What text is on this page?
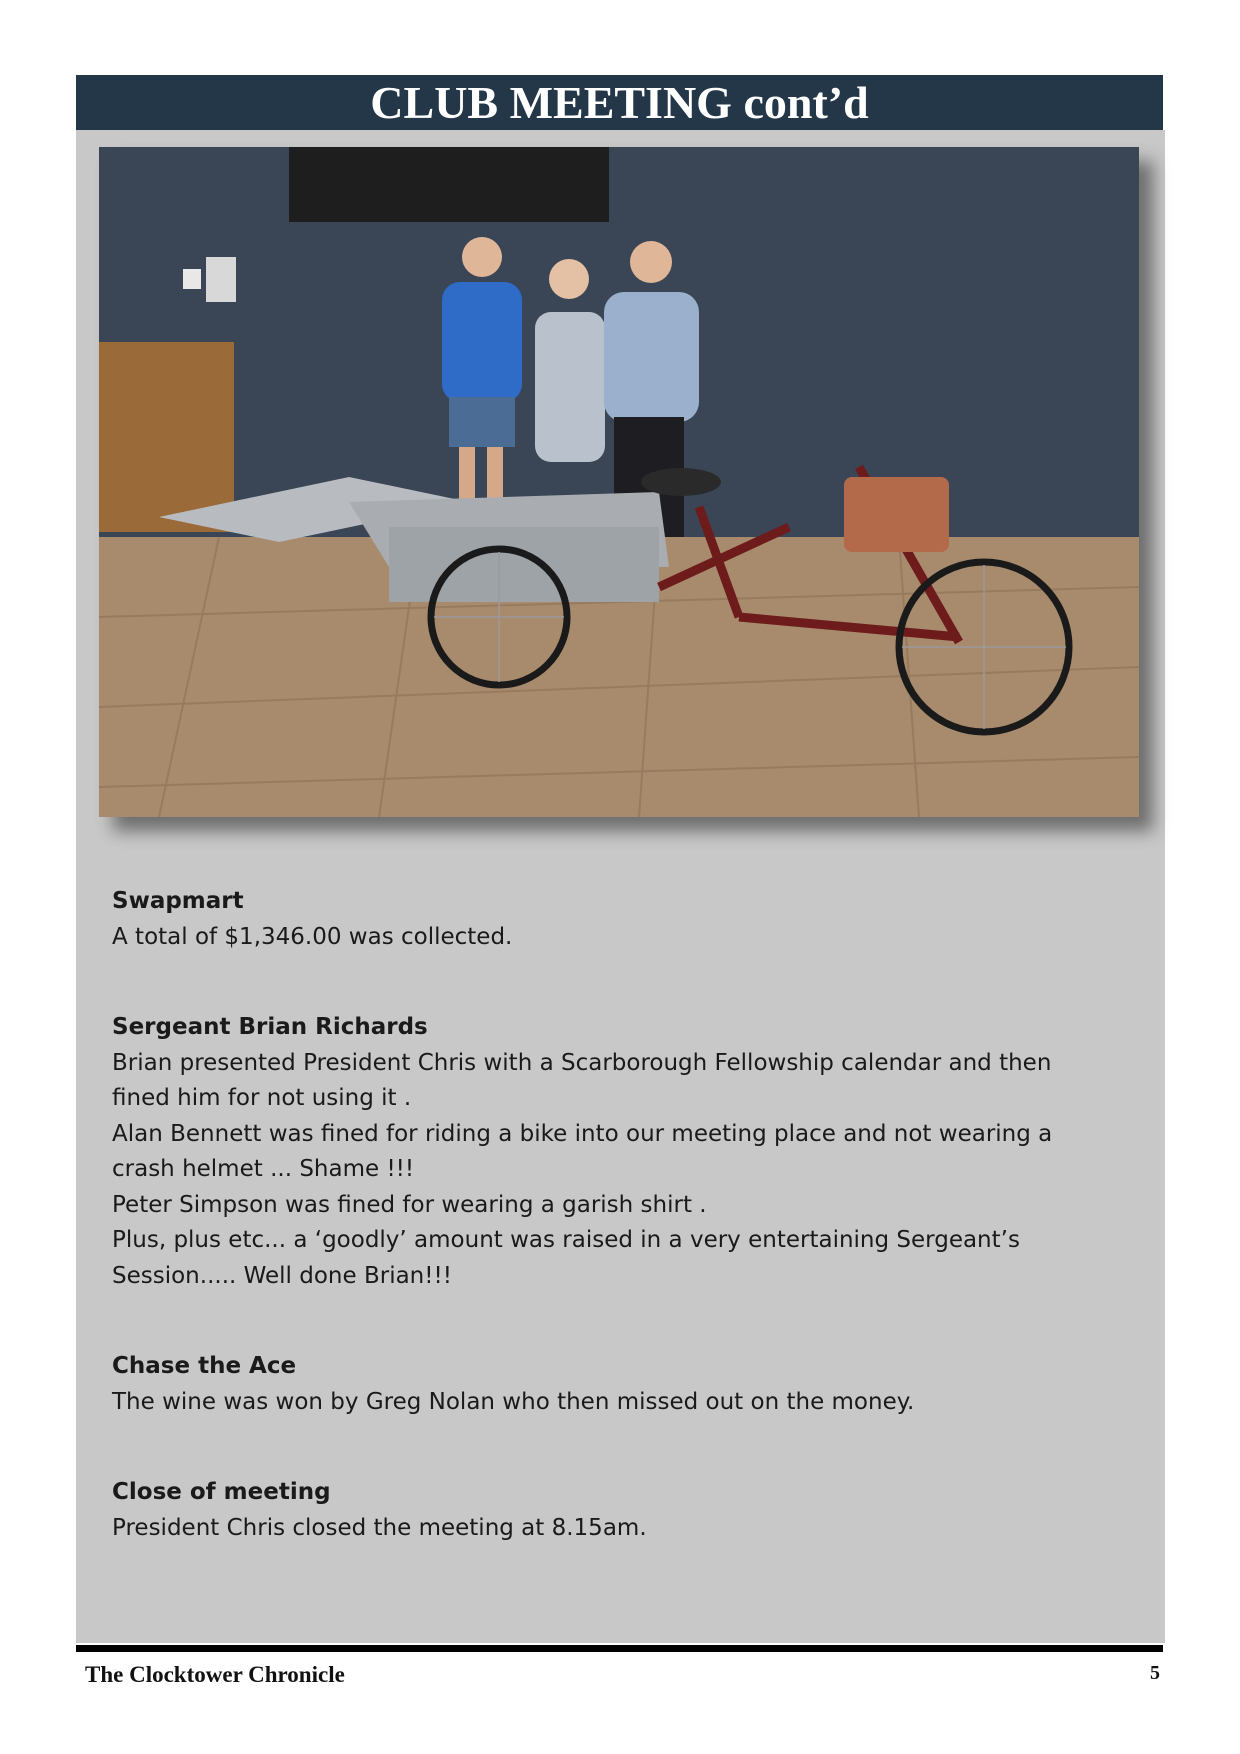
CLUB MEETING cont’d
Swapmart

A total of $1,346.00 was collected.

Sergeant Brian Richards

Brian presented President Chris with a Scarborough Fellowship calendar and then fined him for not using it .

Alan Bennett was fined for riding a bike into our meeting place and not wearing a crash helmet ... Shame !!!

Peter Simpson was fined for wearing a garish shirt .

Plus, plus etc... a ‘goodly’ amount was raised in a very entertaining Sergeant’s Session..... Well done Brian!!!

Chase the Ace

The wine was won by Greg Nolan who then missed out on the money.

Close of meeting

President Chris closed the meeting at 8.15am.

The Clocktower Chronicle	5
